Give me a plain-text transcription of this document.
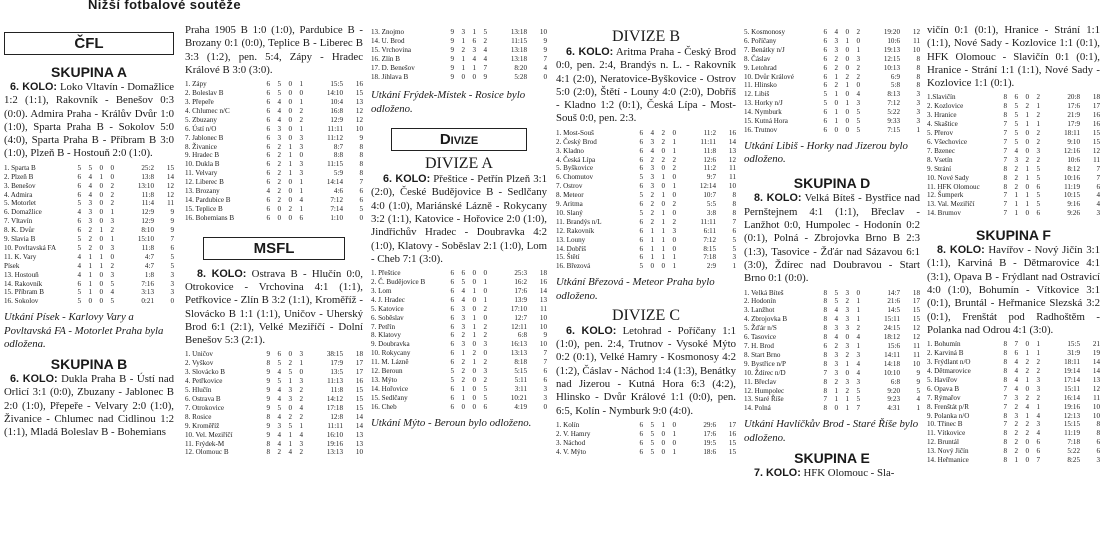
Nižší fotbalové soutěže
ČFL
SKUPINA A

6. KOLO: Loko Vltavín - Domažlice 1:2 (1:1), Rakovník - Benešov 0:3 (0:0). Admira Praha - Králův Dvůr 1:0 (1:0), Sparta Praha B - Sokolov 5:0 (4:0), Sparta Praha B - Příbram B 3:0 (1:0), Plzeň B - Hostouň 2:0 (1:0).

1. Sparta B	5	5	0	0	25:2	15
2. Plzeň B	6	4	1	0	13:8	14
3. Benešov	6	4	0	2	13:10	12
4. Admira	6	4	0	2	11:8	12
5. Motorlet	5	3	0	2	11:4	11
6. Domažlice	4	3	0	1	12:9	9
7. Vltavín	6	3	0	3	12:9	9
8. K. Dvůr	6	2	1	2	8:10	9
9. Slavia B	5	2	0	1	15:10	7
10. Povltavská FA	5	2	0	3	11:8	6
11. K. Vary	4	1	1	0	4:7	5
Písek	4	1	1	2	4:7	5
13. Hostouň	4	1	0	3	1:8	3
14. Rakovník	6	1	0	5	7:16	3
15. Příbram B	5	1	0	4	3:13	3
16. Sokolov	5	0	0	5	0:21	0

Utkání Písek - Karlovy Vary a Povltavská FA - Motorlet Praha byla odložena.

SKUPINA B

6. KOLO: Dukla Praha B - Ústí nad Orlicí 3:1 (0:0), Zbuzany - Jablonec B 2:0 (1:0), Přepeře - Velvary 2:0 (1:0), Živanice - Chlumec nad Cidlinou 1:2 (1:1), Mladá Boleslav B - Bohemians

Praha 1905 B 1:0 (1:0), Pardubice B - Brozany 0:1 (0:0), Teplice B - Liberec B 3:3 (1:2), pen. 5:4, Zápy - Hradec Králové B 3:0 (3:0).

1. Zápy	6	5	0	1	15:5	16
2. Boleslav B	6	5	0	0	14:10	15
3. Přepeře	6	4	0	1	10:4	13
4. Chlumec n/C	6	4	0	2	16:8	12
5. Zbuzany	6	4	0	2	12:9	12
6. Ústí n/O	6	3	0	1	11:11	10
7. Jablonec B	6	3	0	3	11:12	9
8. Živanice	6	2	1	3	8:7	8
9. Hradec B	6	2	1	0	8:8	8
10. Dukla B	6	2	1	3	11:15	8
11. Velvary	6	2	1	3	5:9	8
12. Liberec B	6	2	0	1	14:14	7
13. Brozany	4	2	0	1	4:6	6
14. Pardubice B	6	2	0	4	7:12	6
15. Teplice B	6	0	2	1	7:14	5
16. Bohemians B	6	0	0	6	1:10	0
MSFL

8. KOLO: Ostrava B - Hlučín 0:0, Otrokovice - Vrchovina 4:1 (1:1), Petřkovice - Zlín B 3:2 (1:1), Kroměříž - Slovácko B 1:1 (1:1), Uničov - Uherský Brod 6:1 (2:1), Velké Meziříčí - Dolní Benešov 5:3 (2:1).

1. Uničov	9	6	0	3	38:15	18
2. Vyškov	8	5	2	1	17:9	17
3. Slovácko B	9	4	5	0	13:5	17
4. Petřkovice	9	5	1	3	11:13	16
5. Hlučín	9	4	3	2	11:8	15
6. Ostrava B	9	4	3	2	14:12	15
7. Otrokovice	9	5	0	4	17:18	15
8. Rosice	8	4	2	2	12:8	14
9. Kroměříž	9	3	5	1	11:11	14
10. Vel. Meziříčí	9	4	1	4	16:10	13
11. Frýdek-M	8	4	1	3	19:16	13
12. Olomouc B	8	2	4	2	13:13	10
13. Znojmo	9	3	1	5	13:18	10
14. U. Brod	9	1	6	2	11:15	9
15. Vrchovina	9	2	3	4	13:18	9
16. Zlín B	9	1	4	4	13:18	7
17. D. Benešov	9	1	1	7	8:20	4
18. Jihlava B	9	0	0	9	5:28	0

Utkání Frýdek-Místek - Rosice bylo odloženo.

Divize
DIVIZE A

6. KOLO: Přeštice - Petřín Plzeň 3:1 (2:0), České Budějovice B - Sedlčany 4:0 (1:0), Mariánské Lázně - Rokycany 3:2 (1:1), Katovice - Hořovice 2:0 (1:0), Jindřichův Hradec - Doubravka 4:2 (1:0), Klatovy - Soběslav 2:1 (1:0), Lom - Cheb 7:1 (3:0).

1. Přeštice	6	6	0	0	25:3	18
2. Č. Budějovice B	6	5	0	1	16:2	16
3. Lom	6	4	1	0	17:6	14
4. J. Hradec	6	4	0	1	13:9	13
5. Katovice	6	3	0	2	17:10	11
6. Soběslav	6	3	1	0	12:7	10
7. Petřín	6	3	1	2	12:11	10
8. Klatovy	6	2	1	2	6:8	9
9. Doubravka	6	3	0	3	16:13	10
10. Rokycany	6	1	2	0	13:13	7
11. M. Lázně	6	2	1	2	8:18	7
12. Beroun	5	2	0	3	5:15	6
13. Mýto	5	2	0	2	5:11	6
14. Hořovice	6	1	0	5	3:11	3
15. Sedlčany	6	1	0	5	10:21	3
16. Cheb	6	0	0	6	4:19	0

Utkání Mýto - Beroun bylo odloženo.

DIVIZE B

6. KOLO: Aritma Praha - Český Brod 0:0, pen. 2:4, Brandýs n. L. - Rakovník 4:1 (2:0), Neratovice-Byškovice - Ostrov 5:0 (2:0), Štětí - Louny 4:0 (2:0), Dobříš - Kladno 1:2 (0:1), Česká Lípa - Most-Souš 0:0, pen. 2:3.

1. Most-Souš	6	4	2	0	11:2	16
2. Český Brod	6	3	2	1	11:11	14
3. Kladno	6	4	0	1	11:8	13
4. Česká Lípa	6	2	2	2	12:6	12
5. Byškovice	6	3	0	2	11:2	11
6. Chomutov	5	3	1	0	9:7	11
7. Ostrov	6	3	0	1	12:14	10
8. Meteor	5	2	1	0	10:7	8
9. Aritma	6	2	0	2	5:5	8
10. Slaný	5	2	1	0	3:8	8
11. Brandýs n/L	6	2	1	2	11:11	7
12. Rakovník	6	1	1	3	6:11	6
13. Louny	6	1	1	0	7:12	5
14. Dobříš	6	1	1	0	8:15	5
15. Štětí	6	1	1	1	7:18	3
16. Březová	5	0	0	1	2:9	1

Utkání Březová - Meteor Praha bylo odloženo.

DIVIZE C

6. KOLO: Letohrad - Poříčany 1:1 (1:0), pen. 2:4, Trutnov - Vysoké Mýto 0:2 (0:1), Velké Hamry - Kosmonosy 4:2 (1:2), Čáslav - Náchod 1:4 (1:3), Benátky nad Jizerou - Kutná Hora 6:3 (4:2), Hlinsko - Dvůr Králové 1:1 (0:0), pen. 6:5, Kolín - Nymburk 9:0 (4:0).

1. Kolín	6	5	1	0	29:6	17
2. V. Hamry	6	5	0	1	17:6	16
3. Náchod	6	5	0	0	19:5	15
4. V. Mýto	6	5	0	1	18:6	15
5. Kosmonosy	6	4	0	2	19:20	12
6. Poříčany	6	3	1	0	10:6	11
7. Benátky n/J	6	3	0	1	19:13	10
8. Čáslav	6	2	0	3	12:15	8
9. Letohrad	6	2	0	2	10:13	8
10. Dvůr Králové	6	1	2	2	6:9	8
11. Hlinsko	6	2	1	0	5:8	8
12. Libiš	5	1	0	4	8:13	3
13. Horky n/J	5	0	1	3	7:12	3
14. Nymburk	6	1	0	5	5:22	3
15. Kutná Hora	6	1	0	5	9:33	3
16. Trutnov	6	0	0	5	7:15	1

Utkání Libiš - Horky nad Jizerou bylo odloženo.

SKUPINA D

8. KOLO: Velká Bíteš - Bystřice nad Pernštejnem 4:1 (1:1), Břeclav - Lanžhot 0:0, Humpolec - Hodonín 0:2 (0:1), Polná - Zbrojovka Brno B 2:3 (1:3), Tasovice - Žďár nad Sázavou 6:1 (3:0), Ždírec nad Doubravou - Start Brno 0:1 (0:0).

1. Velká Bíteš	8	5	3	0	14:7	18
2. Hodonín	8	5	2	1	21:6	17
3. Lanžhot	8	4	3	1	14:5	15
4. Zbrojovka B	8	4	3	1	15:11	15
5. Žďár n/S	8	3	3	2	24:15	12
6. Tasovice	8	4	0	4	18:12	12
7. H. Brod	6	2	3	1	15:6	11
8. Start Brno	8	3	2	3	14:11	11
9. Bystřice n/P	8	3	1	4	14:18	10
10. Ždírec n/D	7	3	0	4	10:10	9
11. Břeclav	8	2	3	3	6:8	9
12. Humpolec	8	1	2	5	9:20	5
13. Staré Říše	7	1	1	5	9:23	4
14. Polná	8	0	1	7	4:31	1

Utkání Havlíčkův Brod - Staré Říše bylo odloženo.

SKUPINA E

7. KOLO: HFK Olomouc - Sla-

vičín 0:1 (0:1), Hranice - Strání 1:1 (1:1), Nové Sady - Kozlovice 1:1 (0:1), HFK Olomouc - Slavičín 0:1 (0:1), Hranice - Strání 1:1 (1:1), Nové Sady - Kozlovice 1:1 (0:1).

1.Slavičín	8	6	0	2	20:8	18
2. Kozlovice	8	5	2	1	17:6	17
3. Hranice	8	5	1	2	21:9	16
4. Skaštice	7	5	1	1	17:9	16
5. Přerov	7	5	0	2	18:11	15
6. Všechovice	7	5	0	2	9:10	15
7. Bzenec	7	4	0	3	12:16	12
8. Vsetín	7	3	2	2	10:6	11
9. Strání	8	2	1	5	8:12	7
10. Nové Sady	8	2	1	5	10:16	7
11. HFK Olomouc	8	2	0	6	11:19	6
12. Šumperk	7	1	1	5	10:15	4
13. Val. Meziříčí	7	1	1	5	9:16	4
14. Brumov	7	1	0	6	9:26	3
SKUPINA F

8. KOLO: Havířov - Nový Jičín 3:1 (1:1), Karviná B - Dětmarovice 4:1 (3:1), Opava B - Frýdlant nad Ostravicí 4:0 (1:0), Bohumín - Vítkovice 3:1 (0:1), Bruntál - Heřmanice Slezská 3:2 (0:1), Frenštát pod Radhoštěm - Polanka nad Odrou 4:1 (3:0).

1. Bohumín	8	7	0	1	15:5	21
2. Karviná B	8	6	1	1	31:9	19
3. Frýdlant n/O	8	4	2	2	18:11	14
4. Dětmarovice	8	4	2	2	19:14	14
5. Havířov	8	4	1	3	17:14	13
6. Opava B	7	4	0	3	15:11	12
7. Rýmařov	7	3	2	2	16:14	11
8. Frenštát p/R	7	2	4	1	19:16	10
9. Polanka n/O	8	3	1	4	12:13	10
10. Třinec B	7	2	2	3	15:15	8
11. Vítkovice	8	2	2	4	11:19	8
12. Bruntál	8	2	0	6	7:18	6
13. Nový Jičín	8	2	0	6	5:22	6
14. Heřmanice	8	1	0	7	8:25	3
